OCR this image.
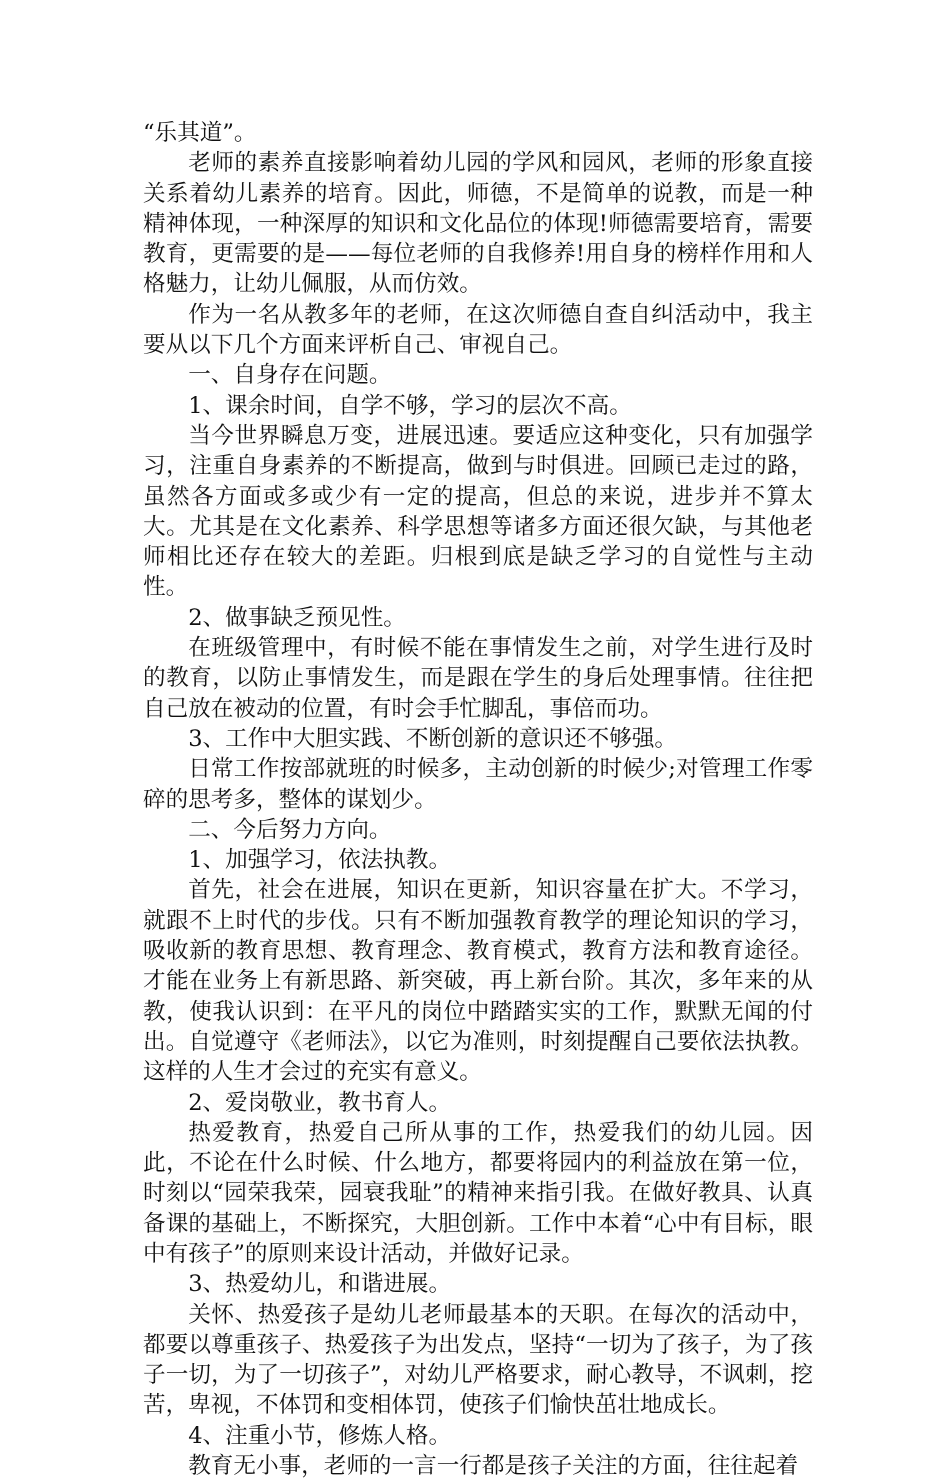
“乐其道”。

老师的素养直接影响着幼儿园的学风和园风，老师的形象直接关系着幼儿素养的培育。因此，师德，不是简单的说教，而是一种精神体现，一种深厚的知识和文化品位的体现!师德需要培育，需要教育，更需要的是——每位老师的自我修养!用自身的榜样作用和人格魅力，让幼儿佩服，从而仿效。

作为一名从教多年的老师，在这次师德自查自纠活动中，我主要从以下几个方面来评析自己、审视自己。

一、自身存在问题。

1、课余时间，自学不够，学习的层次不高。

当今世界瞬息万变，进展迅速。要适应这种变化，只有加强学习，注重自身素养的不断提高，做到与时俱进。回顾已走过的路，虽然各方面或多或少有一定的提高，但总的来说，进步并不算太大。尤其是在文化素养、科学思想等诸多方面还很欠缺，与其他老师相比还存在较大的差距。归根到底是缺乏学习的自觉性与主动性。

2、做事缺乏预见性。

在班级管理中，有时候不能在事情发生之前，对学生进行及时的教育，以防止事情发生，而是跟在学生的身后处理事情。往往把自己放在被动的位置，有时会手忙脚乱，事倍而功。

3、工作中大胆实践、不断创新的意识还不够强。

日常工作按部就班的时候多，主动创新的时候少;对管理工作零碎的思考多，整体的谋划少。

二、今后努力方向。

1、加强学习，依法执教。

首先，社会在进展，知识在更新，知识容量在扩大。不学习，就跟不上时代的步伐。只有不断加强教育教学的理论知识的学习，吸收新的教育思想、教育理念、教育模式，教育方法和教育途径。才能在业务上有新思路、新突破，再上新台阶。其次，多年来的从教，使我认识到：在平凡的岗位中踏踏实实的工作，默默无闻的付出。自觉遵守《老师法》，以它为准则，时刻提醒自己要依法执教。这样的人生才会过的充实有意义。

2、爱岗敬业，教书育人。

热爱教育，热爱自己所从事的工作，热爱我们的幼儿园。因此，不论在什么时候、什么地方，都要将园内的利益放在第一位，时刻以“园荣我荣，园衰我耻”的精神来指引我。在做好教具、认真备课的基础上，不断探究，大胆创新。工作中本着“心中有目标，眼中有孩子”的原则来设计活动，并做好记录。

3、热爱幼儿，和谐进展。

关怀、热爱孩子是幼儿老师最基本的天职。在每次的活动中，都要以尊重孩子、热爱孩子为出发点，坚持“一切为了孩子，为了孩子一切，为了一切孩子”，对幼儿严格要求，耐心教导，不讽刺，挖苦，卑视，不体罚和变相体罚，使孩子们愉快茁壮地成长。

4、注重小节，修炼人格。

教育无小事，老师的一言一行都是孩子关注的方面，往往起着
